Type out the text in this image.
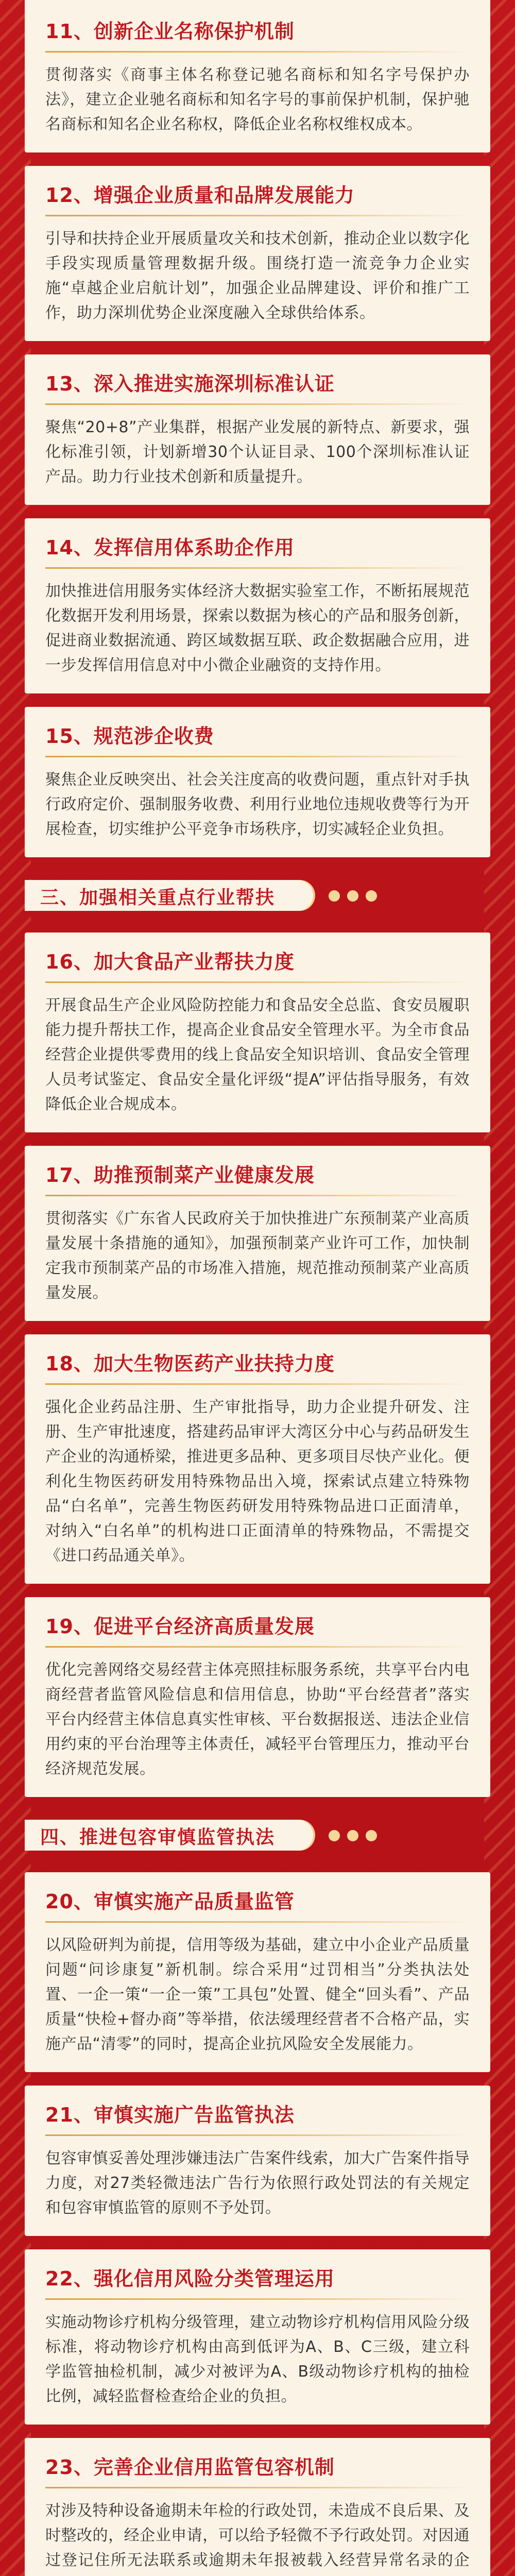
11、创新企业名称保护机制

贯彻落实《商事主体名称登记驰名商标和知名字号保护办法》，建立企业驰名商标和知名字号的事前保护机制，保护驰名商标和知名企业名称权，降低企业名称权维权成本。

12、增强企业质量和品牌发展能力

引导和扶持企业开展质量攻关和技术创新，推动企业以数字化手段实现质量管理数据升级。围绕打造一流竞争力企业实施“卓越企业启航计划”，加强企业品牌建设、评价和推广工作，助力深圳优势企业深度融入全球供给体系。

13、深入推进实施深圳标准认证

聚焦“20+8”产业集群，根据产业发展的新特点、新要求，强化标准引领，计划新增30个认证目录、100个深圳标准认证产品。助力行业技术创新和质量提升。

14、发挥信用体系助企作用

加快推进信用服务实体经济大数据实验室工作，不断拓展规范化数据开发利用场景，探索以数据为核心的产品和服务创新，促进商业数据流通、跨区域数据互联、政企数据融合应用，进一步发挥信用信息对中小微企业融资的支持作用。

15、规范涉企收费

聚焦企业反映突出、社会关注度高的收费问题，重点针对手执行政府定价、强制服务收费、利用行业地位违规收费等行为开展检查，切实维护公平竞争市场秩序，切实减轻企业负担。

三、加强相关重点行业帮扶
16、加大食品产业帮扶力度

开展食品生产企业风险防控能力和食品安全总监、食安员履职能力提升帮扶工作，提高企业食品安全管理水平。为全市食品经营企业提供零费用的线上食品安全知识培训、食品安全管理人员考试鉴定、食品安全量化评级“提A”评估指导服务，有效降低企业合规成本。

17、助推预制菜产业健康发展

贯彻落实《广东省人民政府关于加快推进广东预制菜产业高质量发展十条措施的通知》，加强预制菜产业许可工作，加快制定我市预制菜产品的市场准入措施，规范推动预制菜产业高质量发展。

18、加大生物医药产业扶持力度

强化企业药品注册、生产审批指导，助力企业提升研发、注册、生产审批速度，搭建药品审评大湾区分中心与药品研发生产企业的沟通桥梁，推进更多品种、更多项目尽快产业化。便利化生物医药研发用特殊物品出入境，探索试点建立特殊物品“白名单”，完善生物医药研发用特殊物品进口正面清单，对纳入“白名单”的机构进口正面清单的特殊物品，不需提交《进口药品通关单》。

19、促进平台经济高质量发展

优化完善网络交易经营主体亮照挂标服务系统，共享平台内电商经营者监管风险信息和信用信息，协助“平台经营者”落实平台内经营主体信息真实性审核、平台数据报送、违法企业信用约束的平台治理等主体责任，减轻平台管理压力，推动平台经济规范发展。

四、推进包容审慎监管执法
20、审慎实施产品质量监管

以风险研判为前提，信用等级为基础，建立中小企业产品质量问题“问诊康复”新机制。综合采用“过罚相当”分类执法处置、一企一策“一企一策”工具包”处置、健全“回头看”、产品质量“快检+督办商”等举措，依法缓理经营者不合格产品，实施产品“清零”的同时，提高企业抗风险安全发展能力。

21、审慎实施广告监管执法

包容审慎妥善处理涉嫌违法广告案件线索，加大广告案件指导力度，对27类轻微违法广告行为依照行政处罚法的有关规定和包容审慎监管的原则不予处罚。

22、强化信用风险分类管理运用

实施动物诊疗机构分级管理，建立动物诊疗机构信用风险分级标准，将动物诊疗机构由高到低评为A、B、C三级，建立科学监管抽检机制，减少对被评为A、B级动物诊疗机构的抽检比例，减轻监督检查给企业的负担。

23、完善企业信用监管包容机制

对涉及特种设备逾期未年检的行政处罚，未造成不良后果、及时整改的，经企业申请，可以给予轻微不予行政处罚。对因通过登记住所无法联系或逾期未年报被载入经营异常名录的企
